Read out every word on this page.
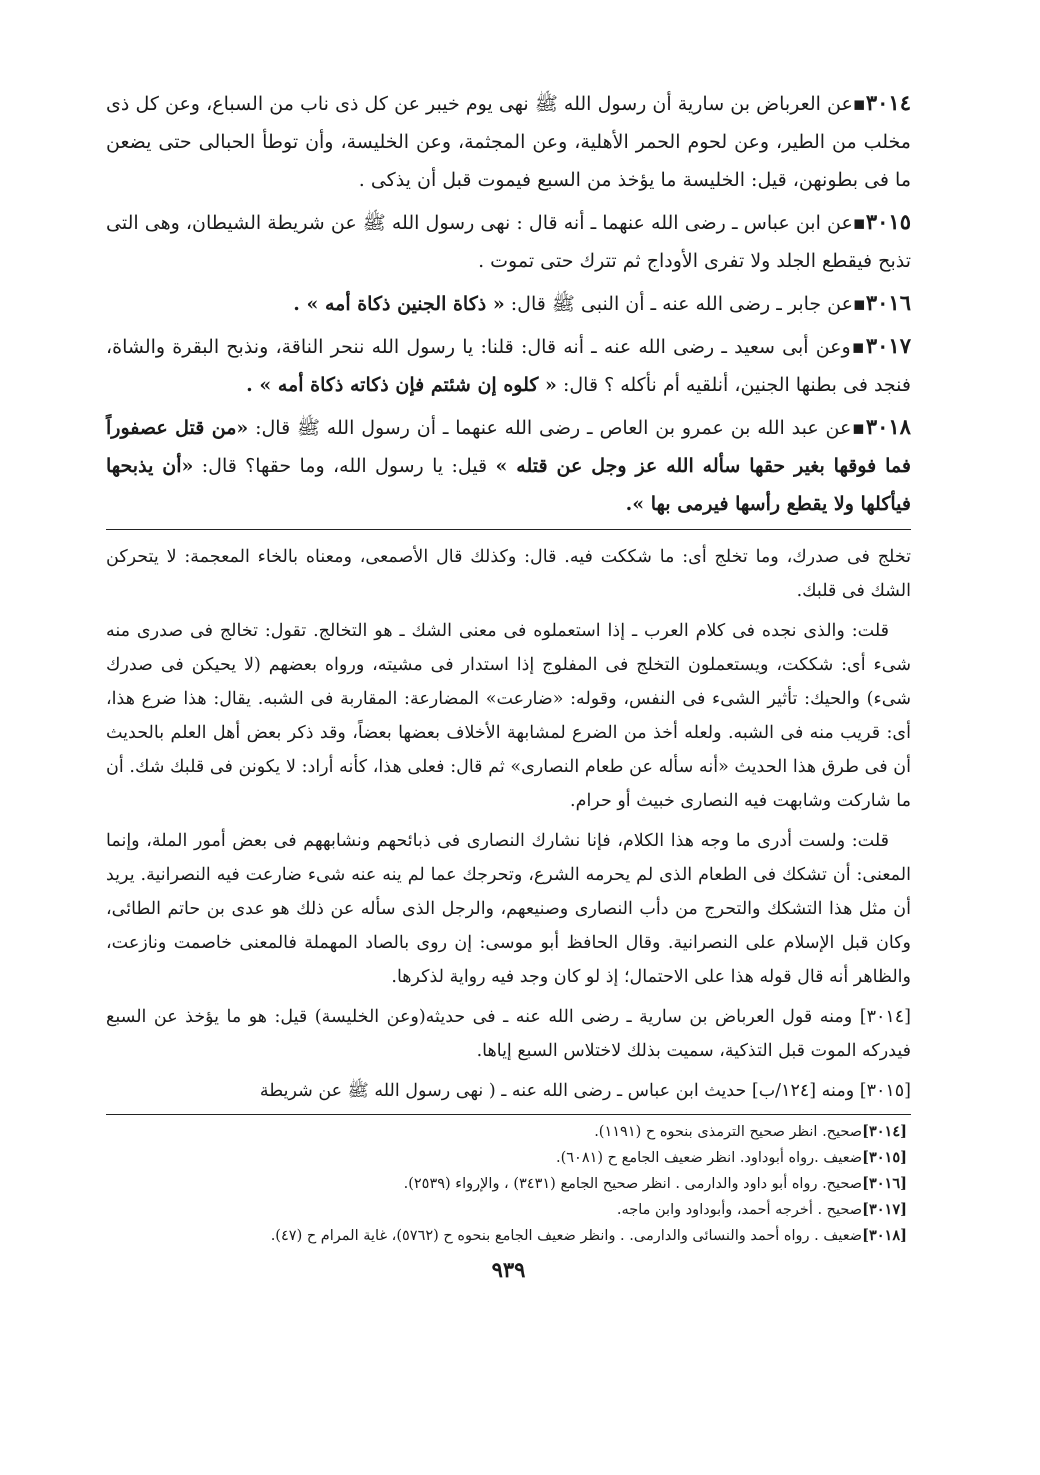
٣٠١٤▪عن العرباض بن سارية أن رسول الله ﷺ نهى يوم خيبر عن كل ذى ناب من السباع، وعن كل ذى مخلب من الطير، وعن لحوم الحمر الأهلية، وعن المجثمة، وعن الخليسة، وأن توطأ الحبالى حتى يضعن ما فى بطونهن، قيل: الخليسة ما يؤخذ من السبع فيموت قبل أن يذكى .

٣٠١٥▪عن ابن عباس ـ رضى الله عنهما ـ أنه قال : نهى رسول الله ﷺ عن شريطة الشيطان، وهى التى تذبح فيقطع الجلد ولا تفرى الأوداج ثم تترك حتى تموت .

٣٠١٦▪عن جابر ـ رضى الله عنه ـ أن النبى ﷺ قال: « ذكاة الجنين ذكاة أمه » .

٣٠١٧▪وعن أبى سعيد ـ رضى الله عنه ـ أنه قال: قلنا: يا رسول الله ننحر الناقة، ونذبح البقرة والشاة، فنجد فى بطنها الجنين، أنلقيه أم نأكله ؟ قال: « كلوه إن شئتم فإن ذكاته ذكاة أمه » .

٣٠١٨▪عن عبد الله بن عمرو بن العاص ـ رضى الله عنهما ـ أن رسول الله ﷺ قال: «من قتل عصفوراً فما فوقها بغير حقها سأله الله عز وجل عن قتله » قيل: يا رسول الله، وما حقها؟ قال: «أن يذبحها فيأكلها ولا يقطع رأسها فيرمى بها ».

تخلج فى صدرك، وما تخلج أى: ما شككت فيه. قال: وكذلك قال الأصمعى، ومعناه بالخاء المعجمة: لا يتحركن الشك فى قلبك.

قلت: والذى نجده فى كلام العرب ـ إذا استعملوه فى معنى الشك ـ هو التخالج. تقول: تخالج فى صدرى منه شىء أى: شككت، ويستعملون التخلج فى المفلوج إذا استدار فى مشيته، ورواه بعضهم (لا يحيكن فى صدرك شىء) والحيك: تأثير الشىء فى النفس، وقوله: «ضارعت» المضارعة: المقاربة فى الشبه. يقال: هذا ضرع هذا، أى: قريب منه فى الشبه. ولعله أخذ من الضرع لمشابهة الأخلاف بعضها بعضاً، وقد ذكر بعض أهل العلم بالحديث أن فى طرق هذا الحديث «أنه سأله عن طعام النصارى» ثم قال: فعلى هذا، كأنه أراد: لا يكونن فى قلبك شك. أن ما شاركت وشابهت فيه النصارى خبيث أو حرام.

قلت: ولست أدرى ما وجه هذا الكلام، فإنا نشارك النصارى فى ذبائحهم ونشابههم فى بعض أمور الملة، وإنما المعنى: أن تشكك فى الطعام الذى لم يحرمه الشرع، وتحرجك عما لم ينه عنه شىء ضارعت فيه النصرانية. يريد أن مثل هذا التشكك والتحرج من دأب النصارى وصنيعهم، والرجل الذى سأله عن ذلك هو عدى بن حاتم الطائى، وكان قبل الإسلام على النصرانية. وقال الحافظ أبو موسى: إن روى بالصاد المهملة فالمعنى خاصمت ونازعت، والظاهر أنه قال قوله هذا على الاحتمال؛ إذ لو كان وجد فيه رواية لذكرها.

[٣٠١٤] ومنه قول العرباض بن سارية ـ رضى الله عنه ـ فى حديثه(وعن الخليسة) قيل: هو ما يؤخذ عن السبع فيدركه الموت قبل التذكية، سميت بذلك لاختلاس السبع إياها.

[٣٠١٥] ومنه [١٢٤/ب] حديث ابن عباس ـ رضى الله عنه ـ ( نهى رسول الله ﷺ عن شريطة

[٣٠١٤]صحيح. انظر صحيح الترمذى بنحوه ح (١١٩١).
[٣٠١٥]ضعيف .رواه أبوداود. انظر ضعيف الجامع ح (٦٠٨١).
[٣٠١٦]صحيح. رواه أبو داود والدارمى . انظر صحيح الجامع (٣٤٣١) ، والإرواء (٢٥٣٩).
[٣٠١٧]صحيح . أخرجه أحمد، وأبوداود وابن ماجه.
[٣٠١٨]ضعيف . رواه أحمد والنسائى والدارمى. . وانظر ضعيف الجامع بنحوه ح (٥٧٦٢)، غاية المرام ح (٤٧).
٩٣٩
